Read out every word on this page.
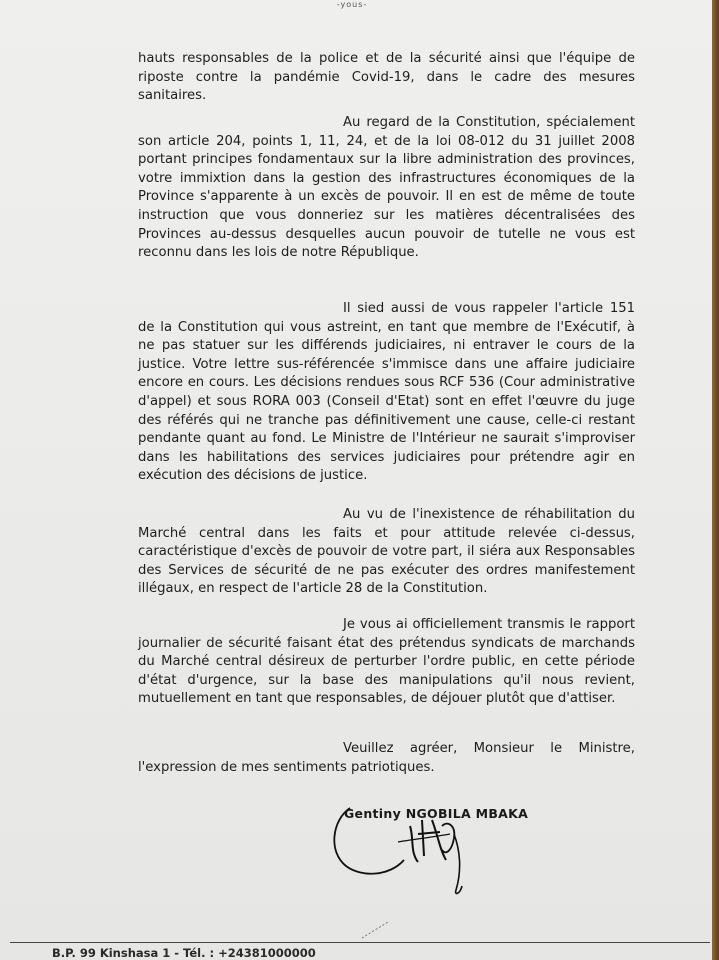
-yous-

hauts responsables de la police et de la sécurité ainsi que l'équipe de riposte contre la pandémie Covid-19, dans le cadre des mesures sanitaires.

Au regard de la Constitution, spécialement son article 204, points 1, 11, 24, et de la loi 08-012 du 31 juillet 2008 portant principes fondamentaux sur la libre administration des provinces, votre immixtion dans la gestion des infrastructures économiques de la Province s'apparente à un excès de pouvoir. Il en est de même de toute instruction que vous donneriez sur les matières décentralisées des Provinces au-dessus desquelles aucun pouvoir de tutelle ne vous est reconnu dans les lois de notre République.

Il sied aussi de vous rappeler l'article 151 de la Constitution qui vous astreint, en tant que membre de l'Exécutif, à ne pas statuer sur les différends judiciaires, ni entraver le cours de la justice. Votre lettre sus-référencée s'immisce dans une affaire judiciaire encore en cours. Les décisions rendues sous RCF 536 (Cour administrative d'appel) et sous RORA 003 (Conseil d'Etat) sont en effet l'œuvre du juge des référés qui ne tranche pas définitivement une cause, celle-ci restant pendante quant au fond. Le Ministre de l'Intérieur ne saurait s'improviser dans les habilitations des services judiciaires pour prétendre agir en exécution des décisions de justice.

Au vu de l'inexistence de réhabilitation du Marché central dans les faits et pour attitude relevée ci-dessus, caractéristique d'excès de pouvoir de votre part, il siéra aux Responsables des Services de sécurité de ne pas exécuter des ordres manifestement illégaux, en respect de l'article 28 de la Constitution.

Je vous ai officiellement transmis le rapport journalier de sécurité faisant état des prétendus syndicats de marchands du Marché central désireux de perturber l'ordre public, en cette période d'état d'urgence, sur la base des manipulations qu'il nous revient, mutuellement en tant que responsables, de déjouer plutôt que d'attiser.

Veuillez agréer, Monsieur le Ministre, l'expression de mes sentiments patriotiques.

Gentiny NGOBILA MBAKA
B.P. 99 Kinshasa 1 - Tél. : +24381000000
